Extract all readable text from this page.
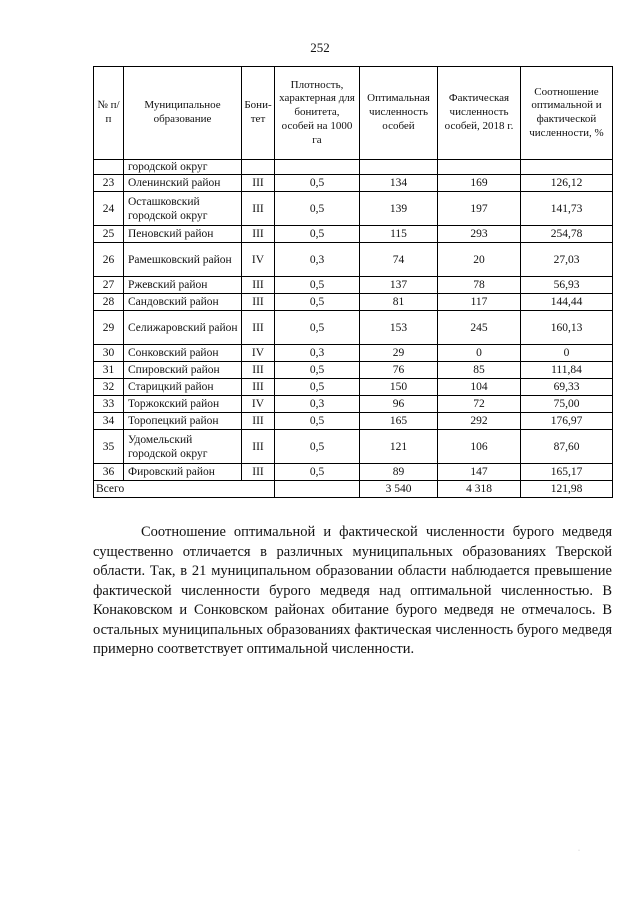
252
№ п/п	Муниципальное образование	Бони-тет	Плотность, характерная для бонитета, особей на 1000 га	Оптимальная численность особей	Фактическая численность особей, 2018 г.	Соотношение оптимальной и фактической численности, %
	городской округ					
23	Оленинский район	III	0,5	134	169	126,12
24	Осташковский городской округ	III	0,5	139	197	141,73
25	Пеновский район	III	0,5	115	293	254,78
26	Рамешковский район	IV	0,3	74	20	27,03
27	Ржевский район	III	0,5	137	78	56,93
28	Сандовский район	III	0,5	81	117	144,44
29	Селижаровский район	III	0,5	153	245	160,13
30	Сонковский район	IV	0,3	29	0	0
31	Спировский район	III	0,5	76	85	111,84
32	Старицкий район	III	0,5	150	104	69,33
33	Торжокский район	IV	0,3	96	72	75,00
34	Торопецкий район	III	0,5	165	292	176,97
35	Удомельский городской округ	III	0,5	121	106	87,60
36	Фировский район	III	0,5	89	147	165,17
Всего				3 540	4 318	121,98

Соотношение оптимальной и фактической численности бурого медведя существенно отличается в различных муниципальных образованиях Тверской области. Так, в 21 муниципальном образовании области наблюдается превышение фактической численности бурого медведя над оптимальной численностью. В Конаковском и Сонковском районах обитание бурого медведя не отмечалось. В остальных муниципальных образованиях фактическая численность бурого медведя примерно соответствует оптимальной численности.

·
